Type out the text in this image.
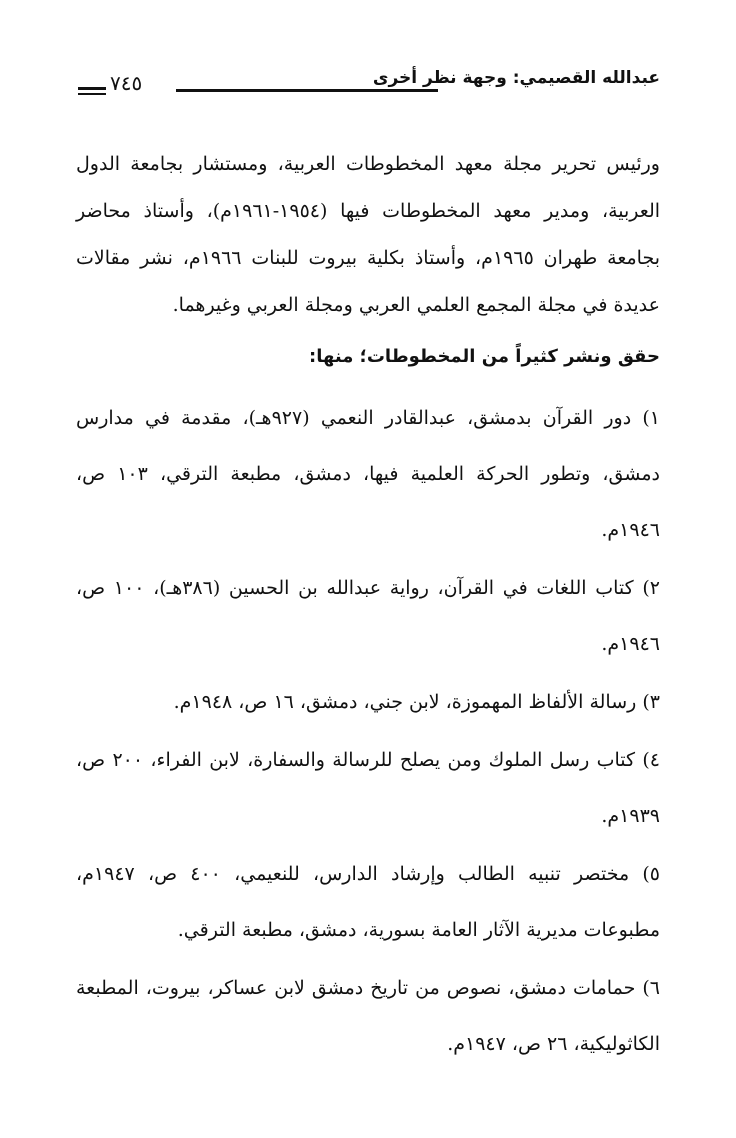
عبدالله القصيمي: وجهة نظر أخرى
٧٤٥

ورئيس تحرير مجلة معهد المخطوطات العربية، ومستشار بجامعة الدول العربية، ومدير معهد المخطوطات فيها (١٩٥٤-١٩٦١م)، وأستاذ محاضر بجامعة طهران ١٩٦٥م، وأستاذ بكلية بيروت للبنات ١٩٦٦م، نشر مقالات عديدة في مجلة المجمع العلمي العربي ومجلة العربي وغيرهما.

حقق ونشر كثيراً من المخطوطات؛ منها:
١) دور القرآن بدمشق، عبدالقادر النعمي (٩٢٧هـ)، مقدمة في مدارس دمشق، وتطور الحركة العلمية فيها، دمشق، مطبعة الترقي، ١٠٣ ص، ١٩٤٦م.
٢) كتاب اللغات في القرآن، رواية عبدالله بن الحسين (٣٨٦هـ)، ١٠٠ ص، ١٩٤٦م.
٣) رسالة الألفاظ المهموزة، لابن جني، دمشق، ١٦ ص، ١٩٤٨م.
٤) كتاب رسل الملوك ومن يصلح للرسالة والسفارة، لابن الفراء، ٢٠٠ ص، ١٩٣٩م.
٥) مختصر تنبيه الطالب وإرشاد الدارس، للنعيمي، ٤٠٠ ص، ١٩٤٧م، مطبوعات مديرية الآثار العامة بسورية، دمشق، مطبعة الترقي.
٦) حمامات دمشق، نصوص من تاريخ دمشق لابن عساكر، بيروت، المطبعة الكاثوليكية، ٢٦ ص، ١٩٤٧م.
